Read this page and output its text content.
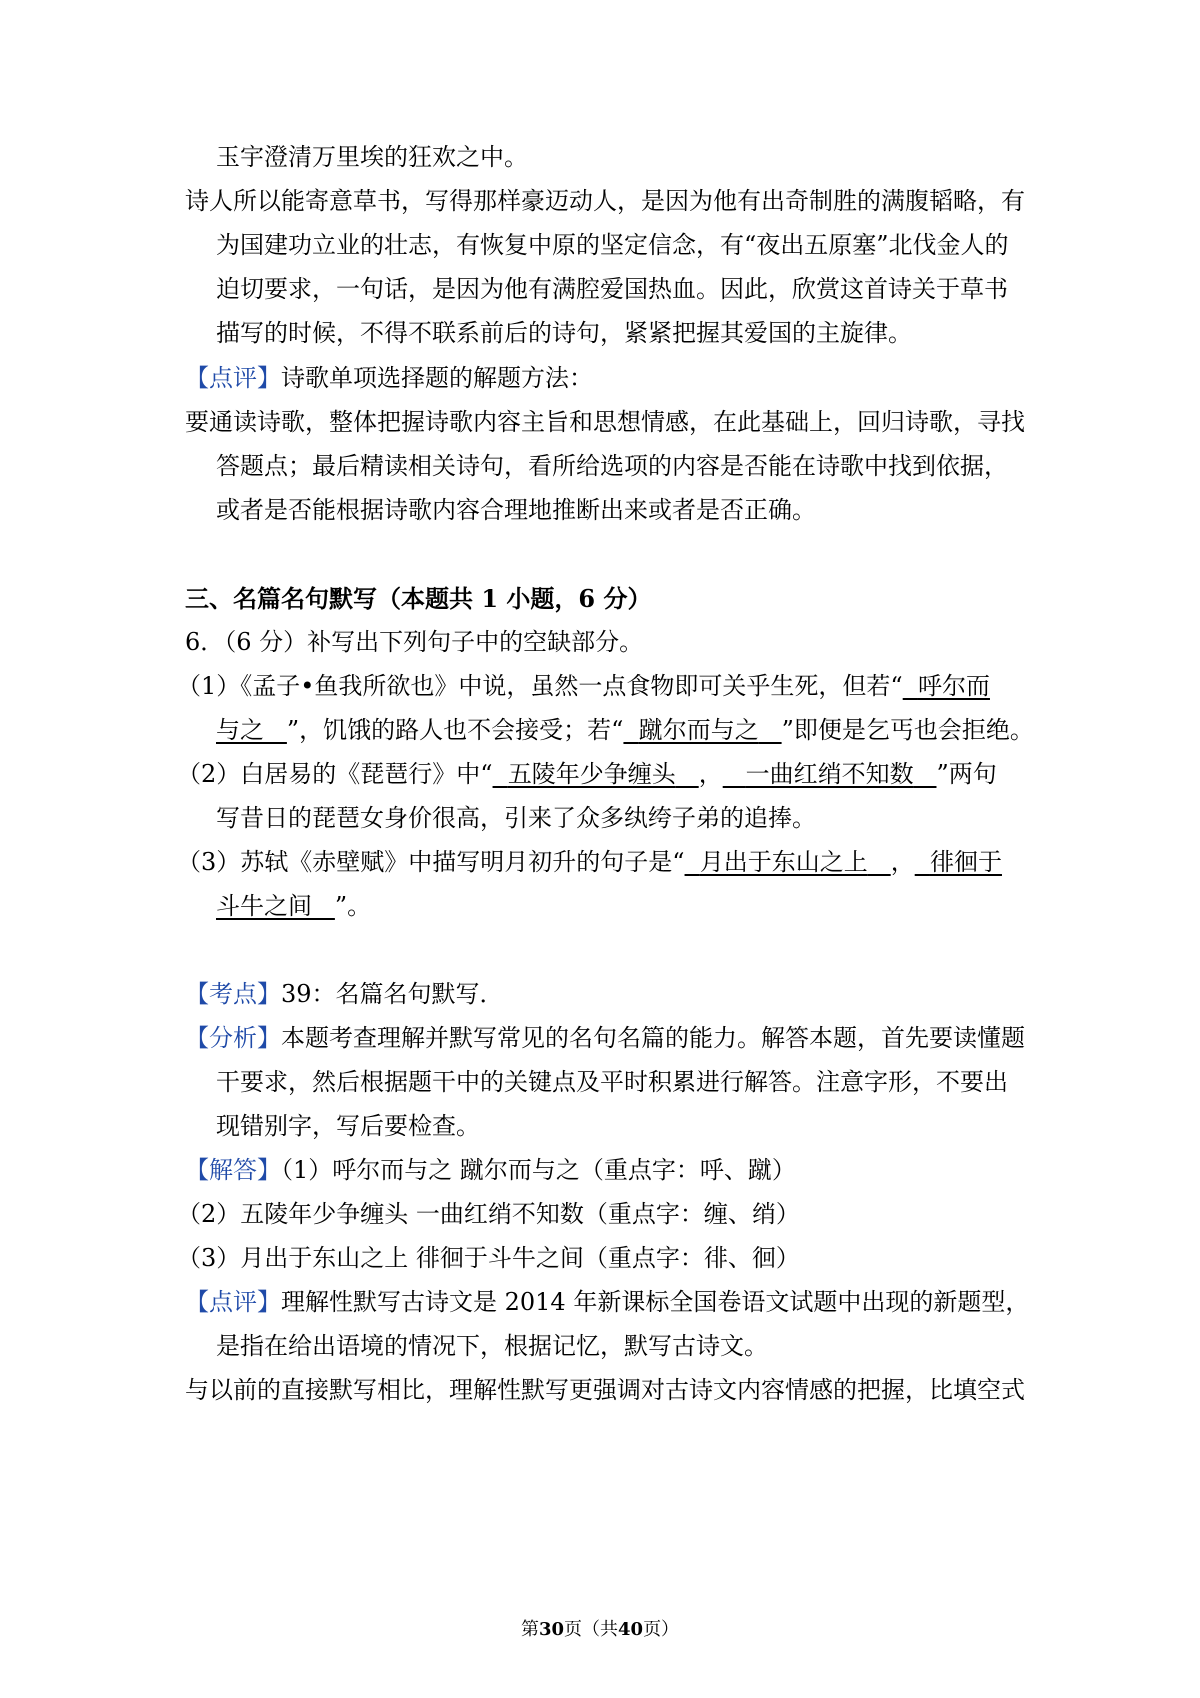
玉宇澄清万里埃的狂欢之中。
诗人所以能寄意草书，写得那样豪迈动人，是因为他有出奇制胜的满腹韬略，有
为国建功立业的壮志，有恢复中原的坚定信念，有“夜出五原塞”北伐金人的
迫切要求，一句话，是因为他有满腔爱国热血。因此，欣赏这首诗关于草书
描写的时候，不得不联系前后的诗句，紧紧把握其爱国的主旋律。
【点评】诗歌单项选择题的解题方法：
要通读诗歌，整体把握诗歌内容主旨和思想情感，在此基础上，回归诗歌，寻找
答题点；最后精读相关诗句，看所给选项的内容是否能在诗歌中找到依据，
或者是否能根据诗歌内容合理地推断出来或者是否正确。
三、名篇名句默写（本题共 1 小题，6 分）
6．（6 分）补写出下列句子中的空缺部分。
（1）《孟子•鱼我所欲也》中说，虽然一点食物即可关乎生死，但若“ 呼尔而
与之 ”，饥饿的路人也不会接受；若“ 蹴尔而与之 ”即便是乞丐也会拒绝。
（2）白居易的《琵琶行》中“ 五陵年少争缠头 ， 一曲红绡不知数 ”两句
写昔日的琵琶女身价很高，引来了众多纨绔子弟的追捧。
（3）苏轼《赤壁赋》中描写明月初升的句子是“ 月出于东山之上 ， 徘徊于
斗牛之间 ”。
【考点】39：名篇名句默写．
【分析】本题考查理解并默写常见的名句名篇的能力。解答本题，首先要读懂题
干要求，然后根据题干中的关键点及平时积累进行解答。注意字形，不要出
现错别字，写后要检查。
【解答】（1）呼尔而与之 蹴尔而与之（重点字：呼、蹴）
（2）五陵年少争缠头 一曲红绡不知数（重点字：缠、绡）
（3）月出于东山之上 徘徊于斗牛之间（重点字：徘、徊）
【点评】理解性默写古诗文是 2014 年新课标全国卷语文试题中出现的新题型，
是指在给出语境的情况下，根据记忆，默写古诗文。
与以前的直接默写相比，理解性默写更强调对古诗文内容情感的把握，比填空式
第30页（共40页）
